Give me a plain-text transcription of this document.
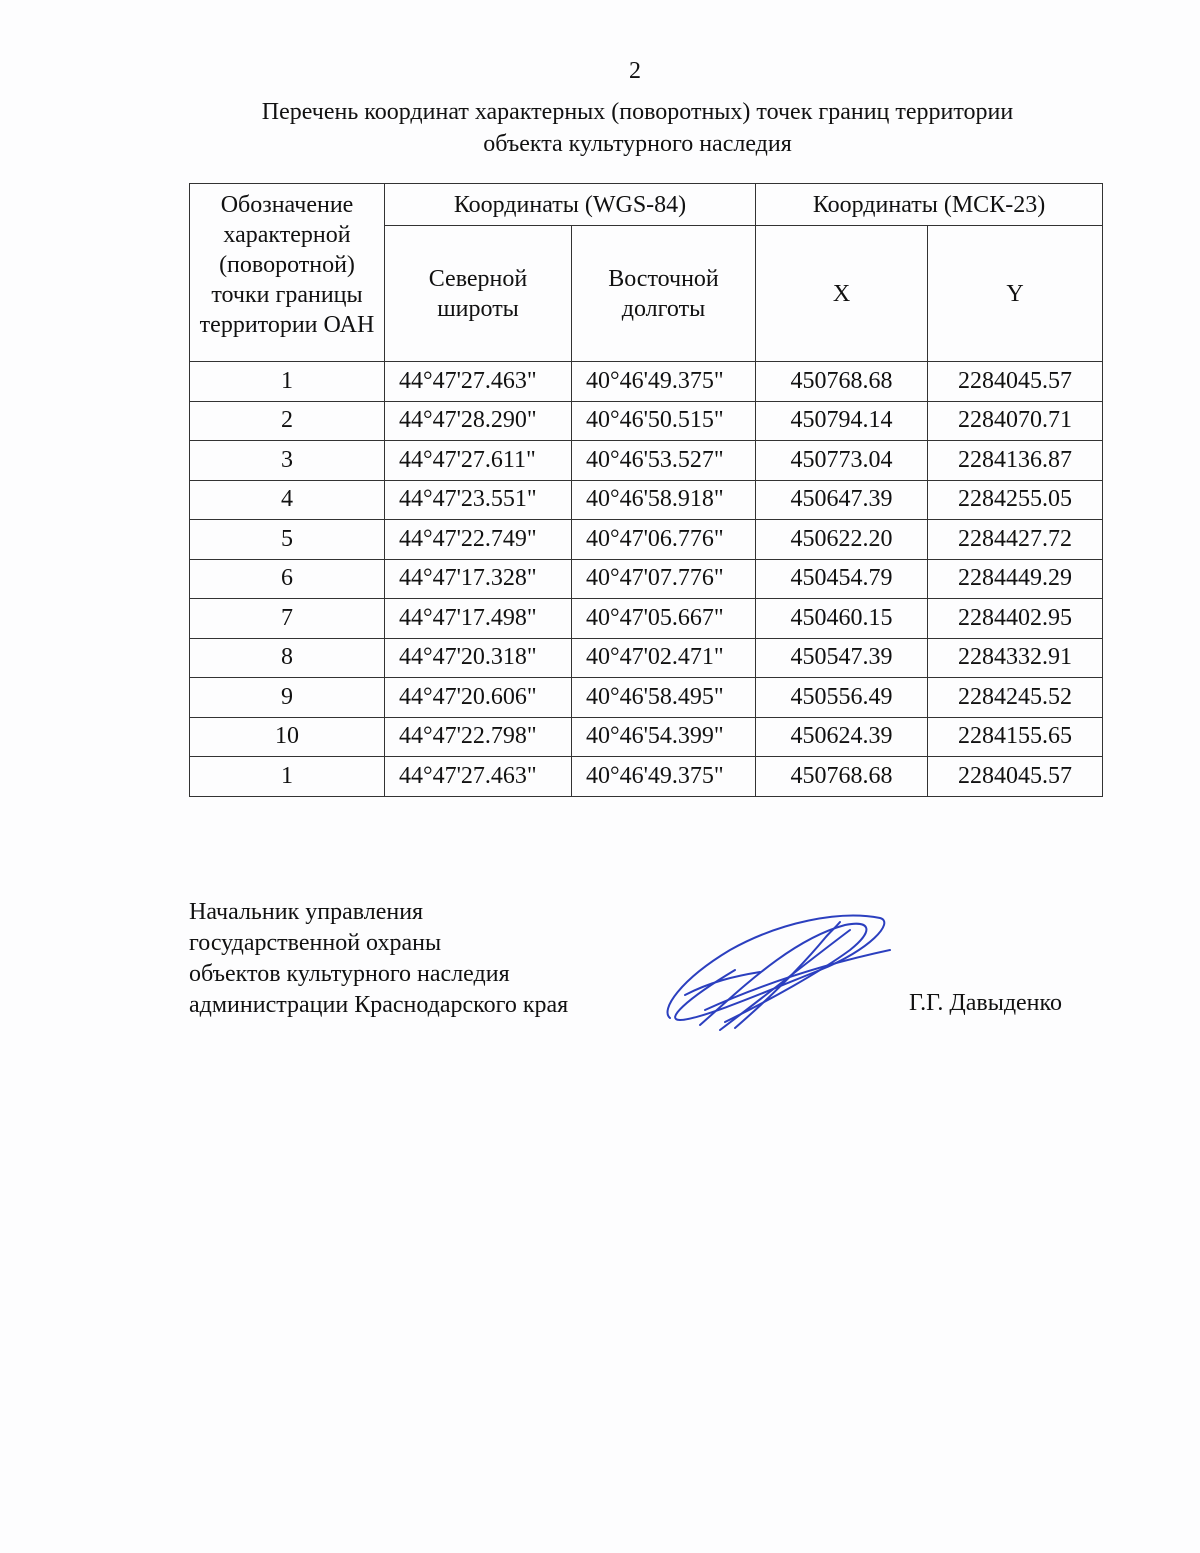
2
Перечень координат характерных (поворотных) точек границ территории
объекта культурного наследия
Обозначение характерной (поворотной) точки границы территории ОАН	Координаты (WGS-84)		Координаты (МСК-23)	
	Северной широты	Восточной долготы	X	Y
1	44°47'27.463"	40°46'49.375"	450768.68	2284045.57
2	44°47'28.290"	40°46'50.515"	450794.14	2284070.71
3	44°47'27.611"	40°46'53.527"	450773.04	2284136.87
4	44°47'23.551"	40°46'58.918"	450647.39	2284255.05
5	44°47'22.749"	40°47'06.776"	450622.20	2284427.72
6	44°47'17.328"	40°47'07.776"	450454.79	2284449.29
7	44°47'17.498"	40°47'05.667"	450460.15	2284402.95
8	44°47'20.318"	40°47'02.471"	450547.39	2284332.91
9	44°47'20.606"	40°46'58.495"	450556.49	2284245.52
10	44°47'22.798"	40°46'54.399"	450624.39	2284155.65
1	44°47'27.463"	40°46'49.375"	450768.68	2284045.57
Начальник управления
государственной охраны
объектов культурного наследия
администрации Краснодарского края	Г.Г. Давыденко
